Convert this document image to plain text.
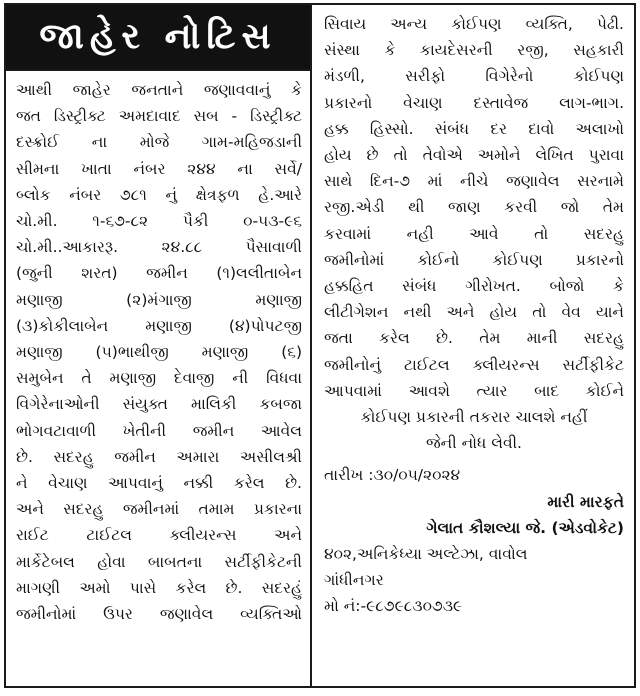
જાહેર નોટિસ
આથી જાહેર જનતાને જણાવવાનું કે
જત ડિસ્ટ્રીક્ટ અમદાવાદ સબ - ડિસ્ટ્રીક્ટ
દસ્ક્રોઈ ના મોજે ગામ-મહિજડાની
સીમના ખાતા નંબર ૨૪૪ ના સર્વે/
બ્લોક નંબર ૭૮૧ નું ક્ષેત્રફળ હે.આરે
ચો.મી. ૧-૬૭-૮૨ પૈકી ૦-૫૩-૯૬
ચો.મી..આકારરૂ. ૨૪.૮૮ પૈસાવાળી
(જુની શરત) જમીન (૧)લલીતાબેન
મણાજી (૨)મંગાજી મણાજી
(૩)કોકીલાબેન મણાજી (૪)પોપટજી
મણાજી (૫)ભાથીજી મણાજી (૬)
સમુબેન તે મણાજી દેવાજી ની વિધવા
વિગેરેનાઓની સંયુક્ત માલિકી કબજા
ભોગવટાવાળી ખેતીની જમીન આવેલ
છે. સદરહુ જમીન અમારા અસીલશ્રી
ને વેચાણ આપવાનું નક્કી કરેલ છે.
અને સદરહુ જમીનમાં તમામ પ્રકારના
રાઈટ ટાઈટલ ક્લીયરન્સ અને
માર્કેટેબલ હોવા બાબતના સર્ટીફીકેટની
માગણી અમો પાસે કરેલ છે. સદરહું
જમીનોમાં ઉપર જણાવેલ વ્યક્તિઓ
સિવાય અન્ય કોઈપણ વ્યક્તિ, પેઢી.
સંસ્થા કે કાયદેસરની રજી, સહકારી
મંડળી, સરીફો વિગેરેનો કોઈપણ
પ્રકારનો વેચાણ દસ્તાવેજ લાગ-ભાગ.
હક્ક હિસ્સો. સંબંધ દર દાવો અલાખો
હોય છે તો તેવોએ અમોને લેખિત પુરાવા
સાથે દિન-૭ માં નીચે જણાવેલ સરનામે
રજી.એડી થી જાણ કરવી જો તેમ
કરવામાં નહી આવે તો સદરહુ
જમીનોમાં કોઈનો કોઈપણ પ્રકારનો
હક્કહિત સંબંધ ગીરોખત. બોજો કે
લીટીગેશન નથી અને હોય તો વેવ યાને
જતા કરેલ છે. તેમ માની સદરહુ
જમીનોનું ટાઈટલ ક્લીયરન્સ સર્ટીફીકેટ
આપવામાં આવશે ત્યાર બાદ કોઈને
કોઈપણ પ્રકારની તકરાર ચાલશે નહીં
જેની નોધ લેવી.
તારીખ :૩૦/૦૫/૨૦૨૪
મારી મારફતે
ગેલાત કૌશલ્યા જે. (એડવોકેટ)
૪૦૨,અનિકેધ્યા અલ્ટેઝા, વાવોલ
ગાંધીનગર
મો નં:-૯૮૭૯૮૩૦૭૩૯
